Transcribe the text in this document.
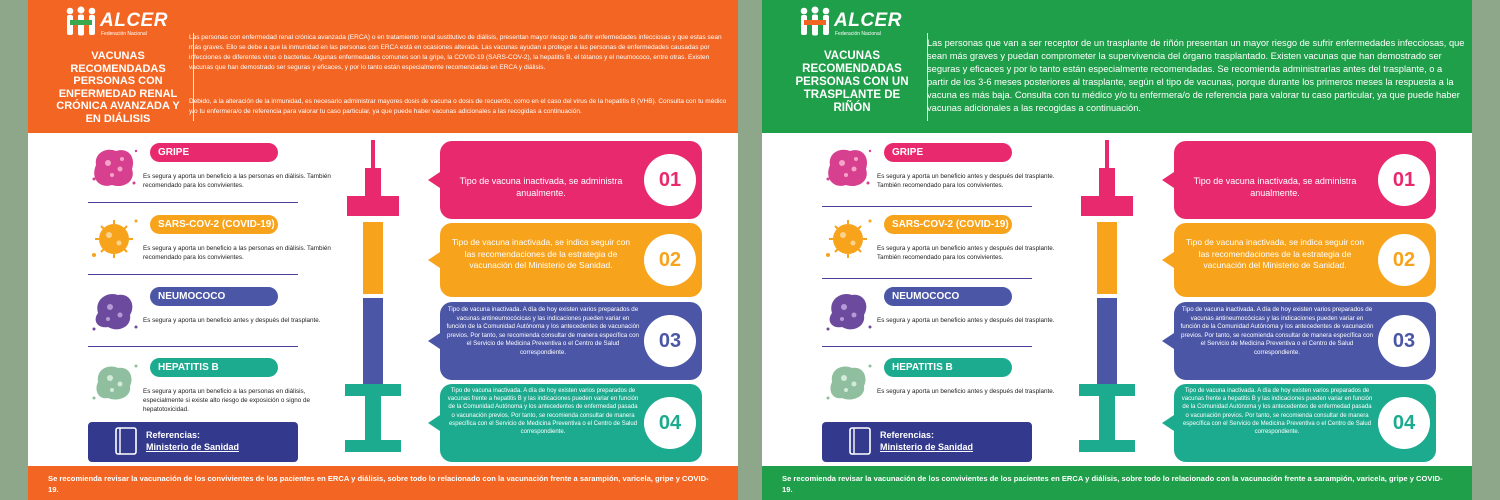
ALCER
Federación Nacional
VACUNAS RECOMENDADAS PERSONAS CON ENFERMEDAD RENAL CRÓNICA AVANZADA Y EN DIÁLISIS

Las personas con enfermedad renal crónica avanzada (ERCA) o en tratamiento renal sustitutivo de diálisis, presentan mayor riesgo de sufrir enfermedades infecciosas y que estas sean más graves. Ello se debe a que la inmunidad en las personas con ERCA está en ocasiones alterada. Las vacunas ayudan a proteger a las personas de enfermedades causadas por infecciones de diferentes virus o bacterias. Algunas enfermedades comunes son la gripe, la COVID-19 (SARS-COV-2), la hepatitis B, el tétanos y el neumococo, entre otras. Existen vacunas que han demostrado ser seguras y eficaces, y por lo tanto están especialmente recomendadas en ERCA y diálisis.

Debido, a la alteración de la inmunidad, es necesario administrar mayores dosis de vacuna o dosis de recuerdo, como en el caso del virus de la hepatitis B (VHB). Consulta con tu médico y/o tu enfermera/o de referencia para valorar tu caso particular, ya que puede haber vacunas adicionales a las recogidas a continuación.

GRIPE

Es segura y aporta un beneficio a las personas en diálisis. También recomendado para los convivientes.

SARS-COV-2 (COVID-19)

Es segura y aporta un beneficio a las personas en diálisis. También recomendado para los convivientes.

NEUMOCOCO

Es segura y aporta un beneficio antes y después del trasplante.

HEPATITIS B

Es segura y aporta un beneficio a las personas en diálisis, especialmente si existe alto riesgo de exposición o signo de hepatotoxicidad.

Referencias:
Ministerio de Sanidad

Tipo de vacuna inactivada, se administra anualmente.

01

Tipo de vacuna inactivada, se indica seguir con las recomendaciones de la estrategia de vacunación del Ministerio de Sanidad.	02

Tipo de vacuna inactivada. A día de hoy existen varios preparados de vacunas antineumocócicas y las indicaciones pueden variar en función de la Comunidad Autónoma y los antecedentes de vacunación previos. Por tanto, se recomienda consultar de manera específica con el Servicio de Medicina Preventiva o el Centro de Salud correspondiente.	03

Tipo de vacuna inactivada. A día de hoy existen varios preparados de vacunas frente a hepatitis B y las indicaciones pueden variar en función de la Comunidad Autónoma y los antecedentes de enfermedad pasada o vacunación previos. Por tanto, se recomienda consultar de manera específica con el Servicio de Medicina Preventiva o el Centro de Salud correspondiente.	04
Se recomienda revisar la vacunación de los convivientes de los pacientes en ERCA y diálisis, sobre todo lo relacionado con la vacunación frente a sarampión, varicela, gripe y COVID-19.
ALCER
Federación Nacional
VACUNAS RECOMENDADAS PERSONAS CON UN TRASPLANTE DE RIÑÓN

Las personas que van a ser receptor de un trasplante de riñón presentan un mayor riesgo de sufrir enfermedades infecciosas, que sean más graves y puedan comprometer la supervivencia del órgano trasplantado. Existen vacunas que han demostrado ser seguras y eficaces y por lo tanto están especialmente recomendadas. Se recomienda administrarlas antes del trasplante, o a partir de los 3-6 meses posteriores al trasplante, según el tipo de vacunas, porque durante los primeros meses la respuesta a la vacuna es más baja. Consulta con tu médico y/o tu enfermera/o de referencia para valorar tu caso particular, ya que puede haber vacunas adicionales a las recogidas a continuación.

GRIPE

Es segura y aporta un beneficio antes y después del trasplante. También recomendado para los convivientes.

SARS-COV-2 (COVID-19)

Es segura y aporta un beneficio antes y después del trasplante. También recomendado para los convivientes.

NEUMOCOCO

Es segura y aporta un beneficio antes y después del trasplante.

HEPATITIS B

Es segura y aporta un beneficio antes y después del trasplante.

Referencias:
Ministerio de Sanidad

Tipo de vacuna inactivada, se administra anualmente.

01

Tipo de vacuna inactivada, se indica seguir con las recomendaciones de la estrategia de vacunación del Ministerio de Sanidad.	02

Tipo de vacuna inactivada. A día de hoy existen varios preparados de vacunas antineumocócicas y las indicaciones pueden variar en función de la Comunidad Autónoma y los antecedentes de vacunación previos. Por tanto, se recomienda consultar de manera específica con el Servicio de Medicina Preventiva o el Centro de Salud correspondiente.	03

Tipo de vacuna inactivada. A día de hoy existen varios preparados de vacunas frente a hepatitis B y las indicaciones pueden variar en función de la Comunidad Autónoma y los antecedentes de enfermedad pasada o vacunación previos. Por tanto, se recomienda consultar de manera específica con el Servicio de Medicina Preventiva o el Centro de Salud correspondiente.	04
Se recomienda revisar la vacunación de los convivientes de los pacientes en ERCA y diálisis, sobre todo lo relacionado con la vacunación frente a sarampión, varicela, gripe y COVID-19.
